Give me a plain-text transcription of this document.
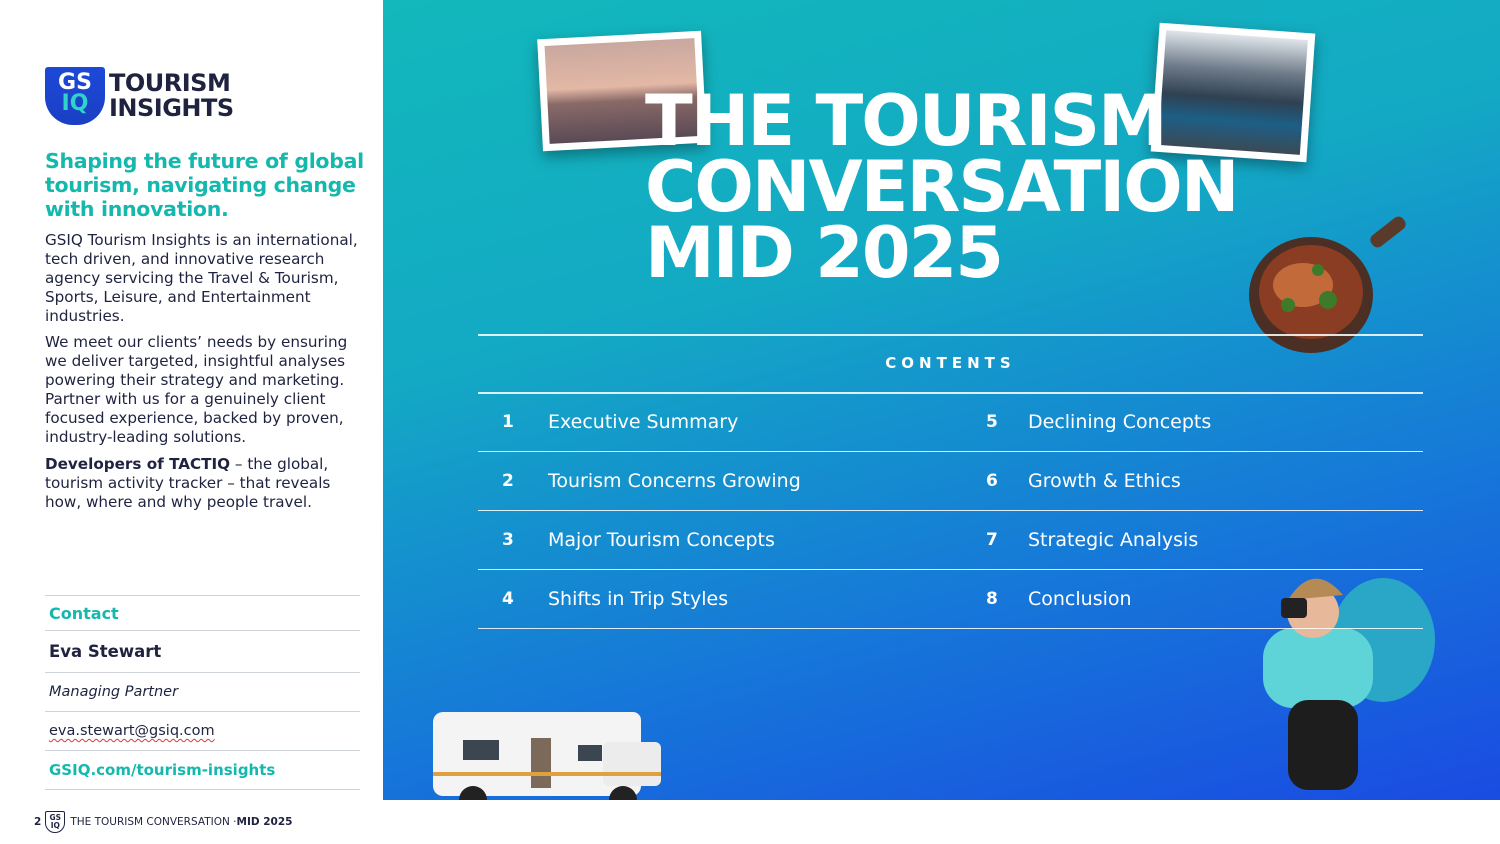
GS
IQ
TOURISM
INSIGHTS
Shaping the future of global tourism, navigating change with innovation.
GSIQ Tourism Insights is an international, tech driven, and innovative research agency servicing the Travel & Tourism, Sports, Leisure, and Entertainment industries.
We meet our clients’ needs by ensuring we deliver targeted, insightful analyses powering their strategy and marketing. Partner with us for a genuinely client focused experience, backed by proven, industry-leading solutions.
Developers of TACTIQ – the global, tourism activity tracker – that reveals how, where and why people travel.
Contact
Eva Stewart
Managing Partner
eva.stewart@gsiq.com
GSIQ.com/tourism-insights
2	GS IQ THE TOURISM CONVERSATION · MID 2025
THE TOURISM
CONVERSATION
MID 2025
CONTENTS
1	Executive Summary	5	Declining Concepts
2	Tourism Concerns Growing	6	Growth & Ethics
3	Major Tourism Concepts	7	Strategic Analysis
4	Shifts in Trip Styles	8	Conclusion
